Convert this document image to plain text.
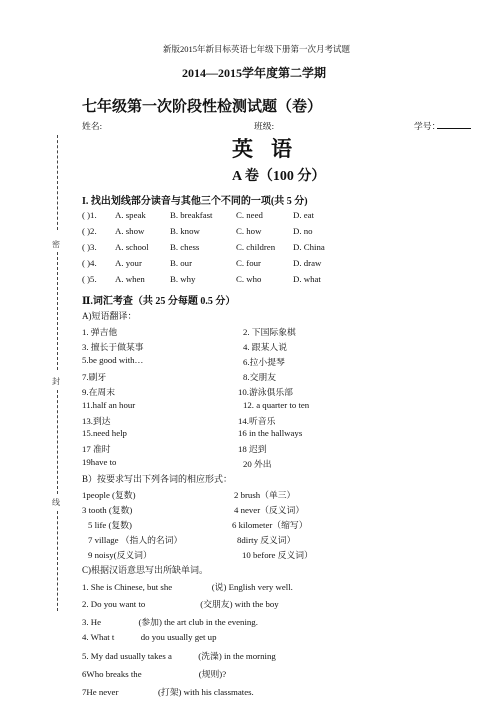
新版2015年新目标英语七年级下册第一次月考试题
2014—2015学年度第二学期
七年级第一次阶段性检测试题（卷）
姓名:	班级:	学号：
密
封
线
英语
A 卷（100 分）
I. 找出划线部分读音与其他三个不同的一项(共 5 分)
( )1. A. speak	B. breakfast	C. need	D. eat
( )2. A. show	B. know	C. how	D. no
( )3. A. school B. chess	C. children D. China
( )4. A. your	B. our	C. four	D. draw
( )5. A. when	B. why	C. who	D. what
Ⅱ.词汇考查（共 25 分每题 0.5 分）
A)短语翻译：
1. 弹吉他	2. 下国际象棋
3. 擅长于做某事	4. 跟某人说
5.be good with…	6.拉小提琴
7.刷牙	8.交朋友
9.在周末	10.游泳俱乐部
11.half an hour	12. a quarter to ten
13.到达	14.听音乐
15.need help	16 in the hallways
17 准时	18 迟到
19have to	20 外出
B）按要求写出下列各词的相应形式：
1people (复数)	2 brush（单三）
3 tooth (复数)	4 never（反义词）
5 life (复数)	6 kilometer（缩写）
7 village （指人的名词）	8dirty 反义词）
9 noisy(反义词）	10 before 反义词）
C)根据汉语意思写出所缺单词。
1. She is Chinese, but she                  (说) English very well.
2. Do you want to                         (交朋友) with the boy
3. He                 (参加) the art club in the evening.
4. What t            do you usually get up
5. My dad usually takes a            (洗澡) in the morning
6Who breaks the                          (规则)?
7He never                  (打架) with his classmates.
